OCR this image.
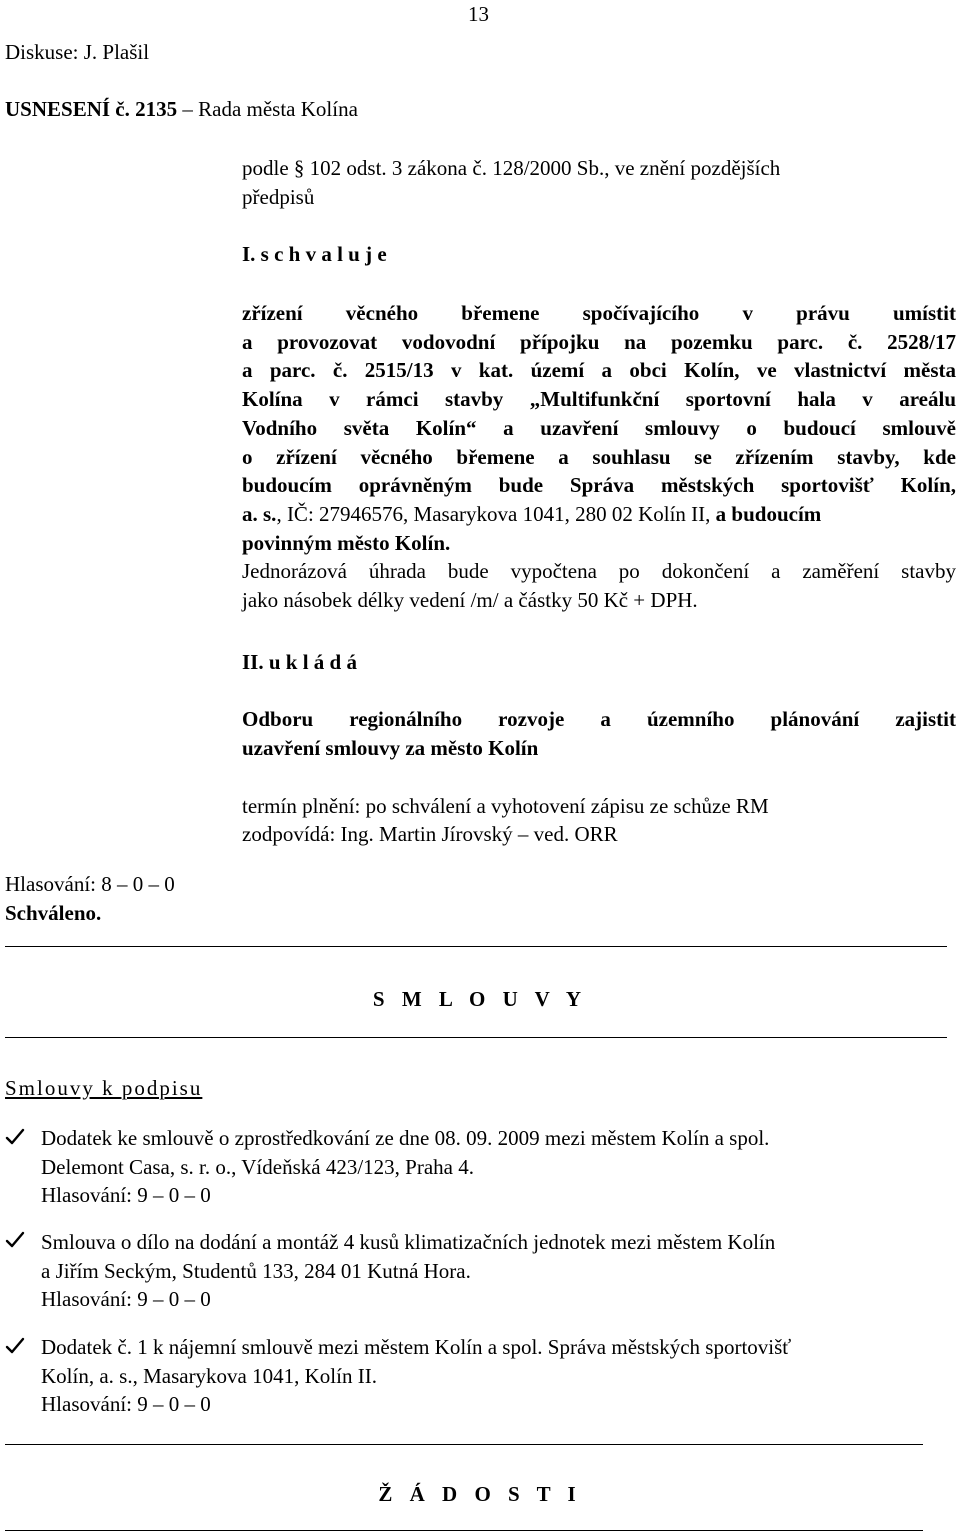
13
Diskuse: J. Plašil
USNESENÍ č. 2135 – Rada města Kolína
podle § 102 odst. 3 zákona č. 128/2000 Sb., ve znění pozdějších
předpisů
I. s c h v a l u j e
zřízení věcného břemene spočívajícího v právu umístit
a provozovat vodovodní přípojku na pozemku parc. č. 2528/17
a parc. č. 2515/13 v kat. území a obci Kolín, ve vlastnictví města
Kolína v rámci stavby „Multifunkční sportovní hala v areálu
Vodního světa Kolín“ a uzavření smlouvy o budoucí smlouvě
o zřízení věcného břemene a souhlasu se zřízením stavby, kde
budoucím oprávněným bude Správa městských sportovišť Kolín,
a. s., IČ: 27946576, Masarykova 1041, 280 02 Kolín II, a budoucím
povinným město Kolín.
Jednorázová úhrada bude vypočtena po dokončení a zaměření stavby
jako násobek délky vedení /m/ a částky 50 Kč + DPH.
II. u k l á d á
Odboru regionálního rozvoje a územního plánování zajistit
uzavření smlouvy za město Kolín
termín plnění: po schválení a vyhotovení zápisu ze schůze RM
zodpovídá: Ing. Martin Jírovský – ved. ORR
Hlasování: 8 – 0 – 0
Schváleno.
S M L O U V Y
Smlouvy k podpisu
Dodatek ke smlouvě o zprostředkování ze dne 08. 09. 2009 mezi městem Kolín a spol.
Delemont Casa, s. r. o., Vídeňská 423/123, Praha 4.
Hlasování: 9 – 0 – 0
Smlouva o dílo na dodání a montáž 4 kusů klimatizačních jednotek mezi městem Kolín
a Jiřím Seckým, Studentů 133, 284 01 Kutná Hora.
Hlasování: 9 – 0 – 0
Dodatek č. 1 k nájemní smlouvě mezi městem Kolín a spol. Správa městských sportovišť
Kolín, a. s., Masarykova 1041, Kolín II.
Hlasování: 9 – 0 – 0
Ž Á D O S T I
